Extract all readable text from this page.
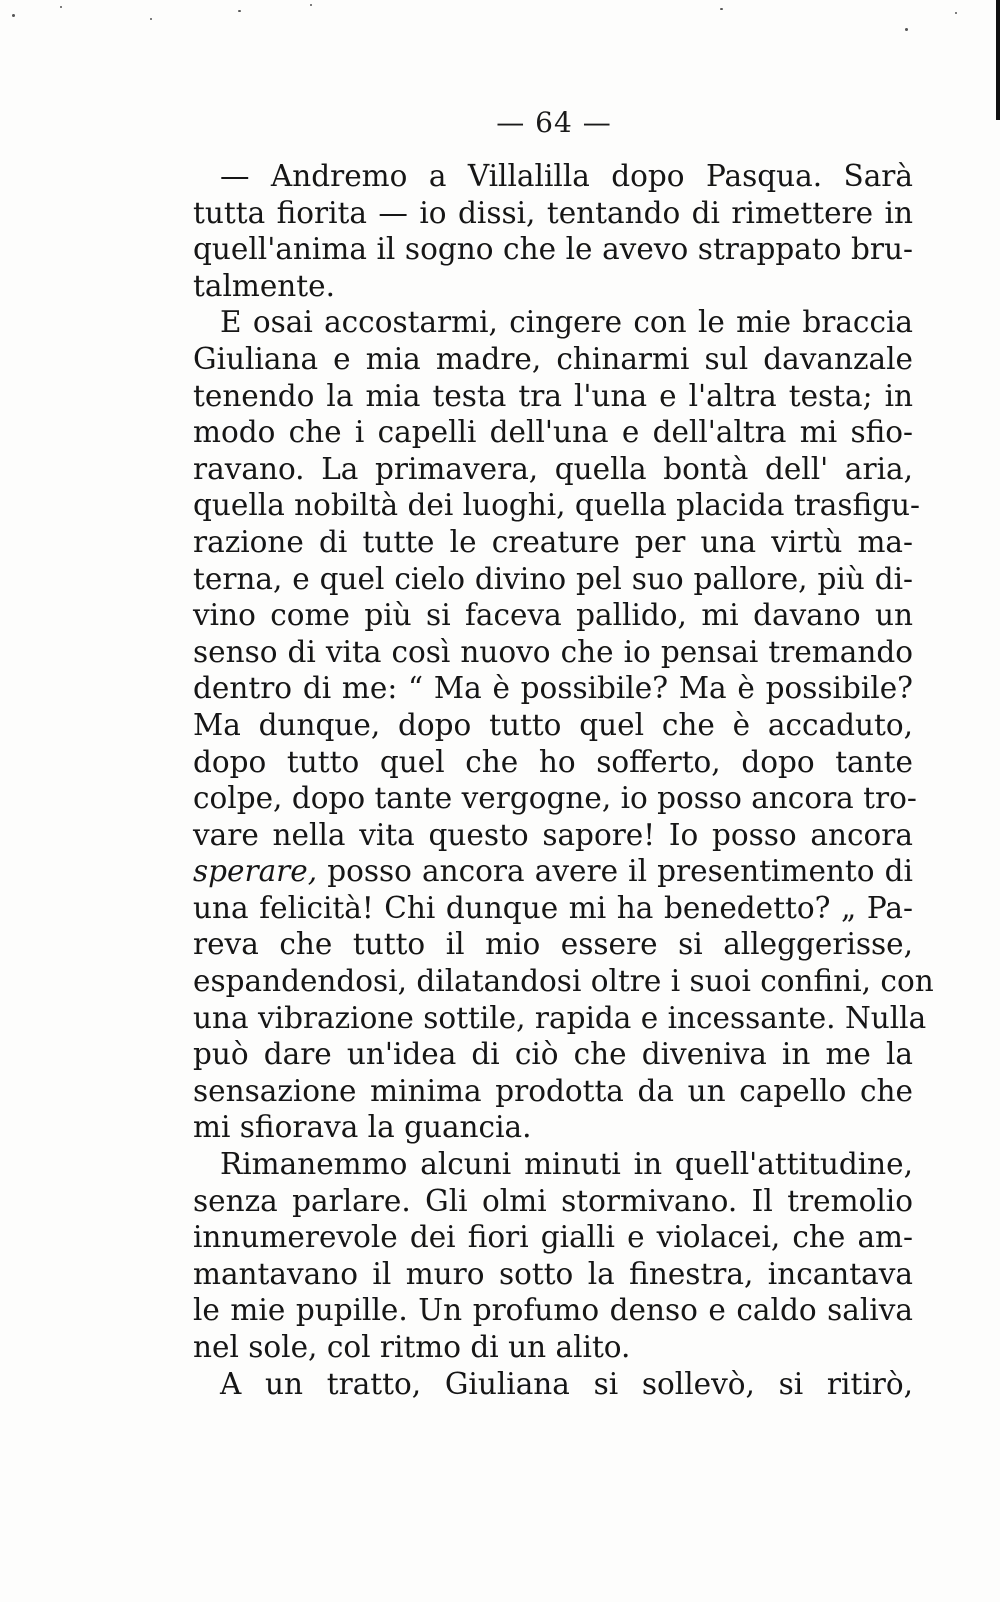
— 64 —
— Andremo a Villalilla dopo Pasqua. Sarà
tutta fiorita — io dissi, tentando di rimettere in
quell'anima il sogno che le avevo strappato bru-
talmente.
E osai accostarmi, cingere con le mie braccia
Giuliana e mia madre, chinarmi sul davanzale
tenendo la mia testa tra l'una e l'altra testa; in
modo che i capelli dell'una e dell'altra mi sfio-
ravano. La primavera, quella bontà dell' aria,
quella nobiltà dei luoghi, quella placida trasfigu-
razione di tutte le creature per una virtù ma-
terna, e quel cielo divino pel suo pallore, più di-
vino come più si faceva pallido, mi davano un
senso di vita così nuovo che io pensai tremando
dentro di me: “ Ma è possibile? Ma è possibile?
Ma dunque, dopo tutto quel che è accaduto,
dopo tutto quel che ho sofferto, dopo tante
colpe, dopo tante vergogne, io posso ancora tro-
vare nella vita questo sapore! Io posso ancora
sperare, posso ancora avere il presentimento di
una felicità! Chi dunque mi ha benedetto? „ Pa-
reva che tutto il mio essere si alleggerisse,
espandendosi, dilatandosi oltre i suoi confini, con
una vibrazione sottile, rapida e incessante. Nulla
può dare un'idea di ciò che diveniva in me la
sensazione minima prodotta da un capello che
mi sfiorava la guancia.
Rimanemmo alcuni minuti in quell'attitudine,
senza parlare. Gli olmi stormivano. Il tremolio
innumerevole dei fiori gialli e violacei, che am-
mantavano il muro sotto la finestra, incantava
le mie pupille. Un profumo denso e caldo saliva
nel sole, col ritmo di un alito.
A un tratto, Giuliana si sollevò, si ritirò,
